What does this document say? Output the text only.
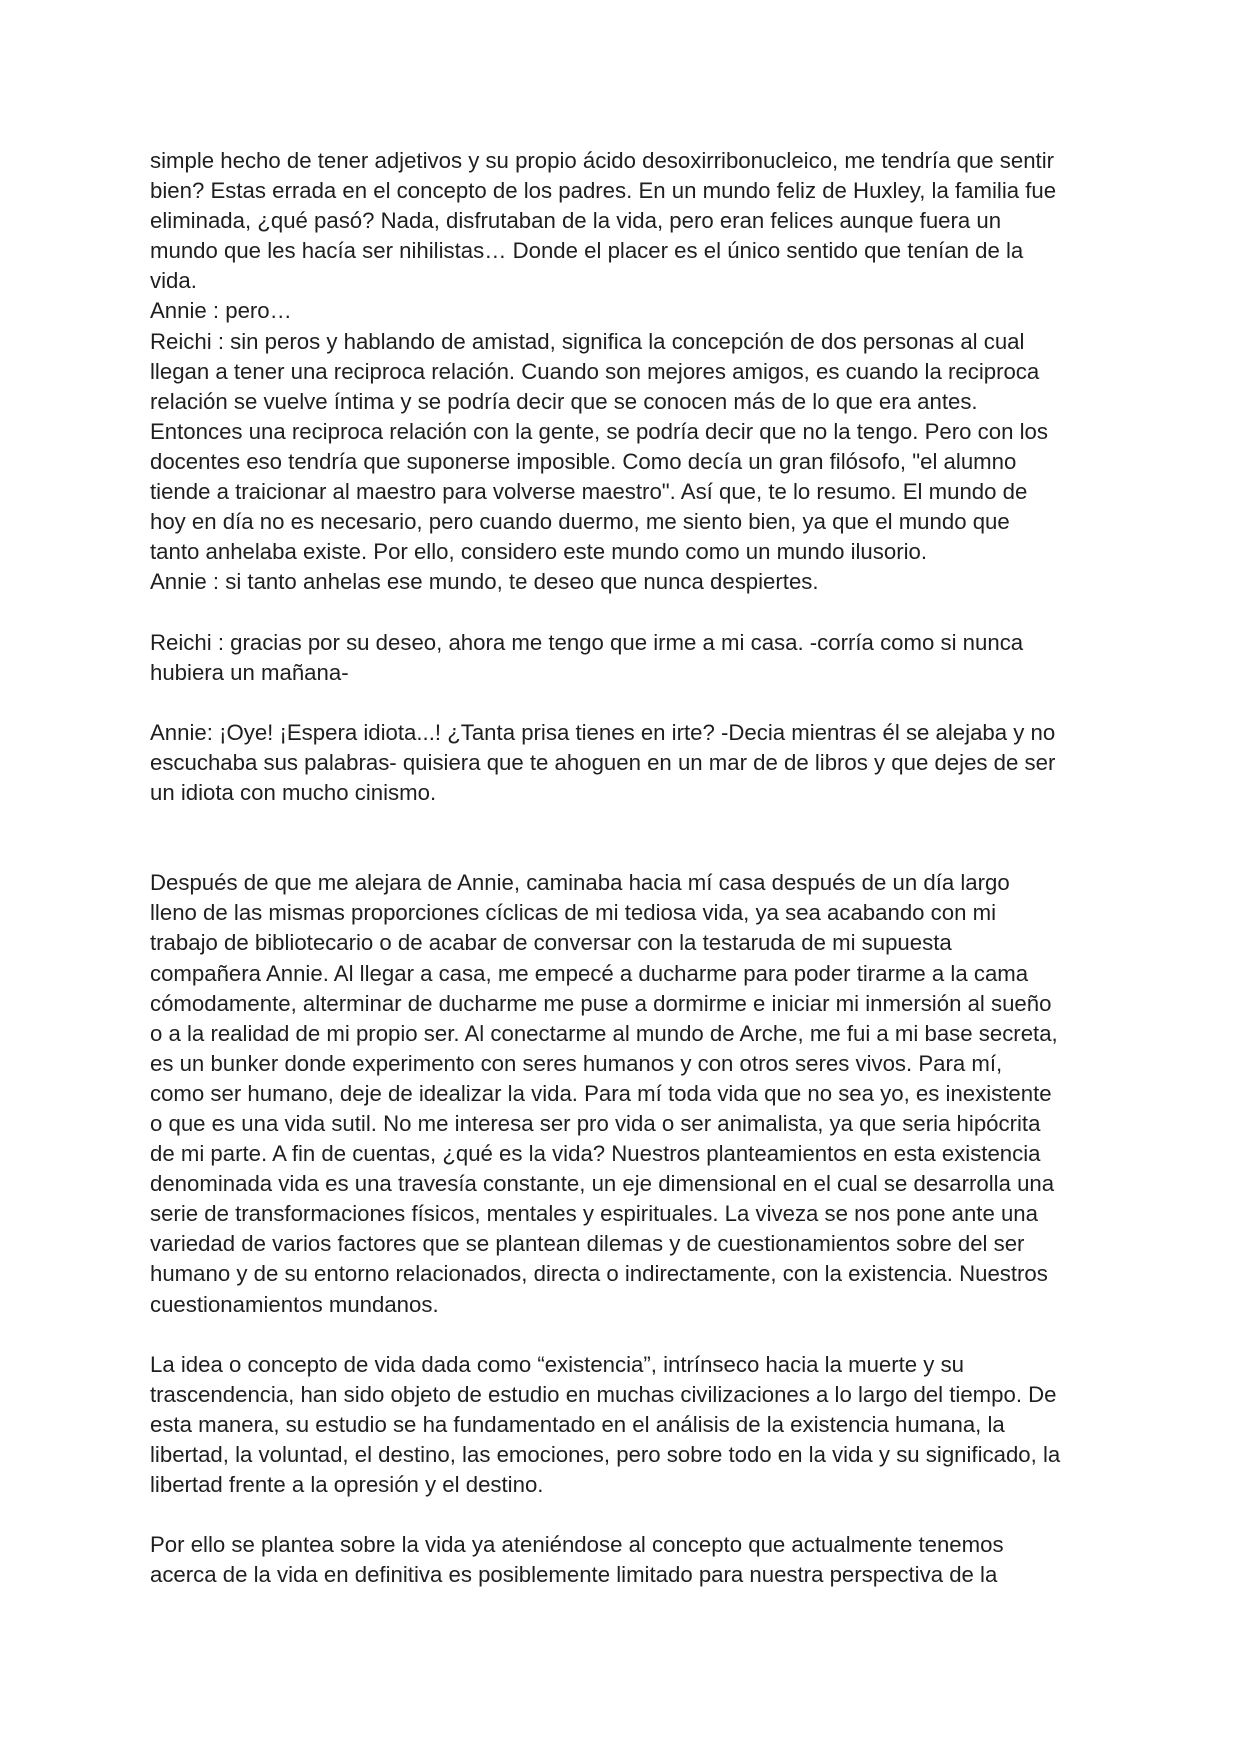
simple hecho de tener adjetivos y su propio ácido desoxirribonucleico, me tendría que sentir
bien? Estas errada en el concepto de los padres. En un mundo feliz de Huxley, la familia fue
eliminada, ¿qué pasó? Nada, disfrutaban de la vida, pero eran felices aunque fuera un
mundo que les hacía ser nihilistas… Donde el placer es el único sentido que tenían de la
vida.

Annie : pero…

Reichi : sin peros y hablando de amistad, significa la concepción de dos personas al cual
llegan a tener una reciproca relación. Cuando son mejores amigos, es cuando la reciproca
relación se vuelve íntima y se podría decir que se conocen más de lo que era antes.
Entonces una reciproca relación con la gente, se podría decir que no la tengo. Pero con los
docentes eso tendría que suponerse imposible. Como decía un gran filósofo, "el alumno
tiende a traicionar al maestro para volverse maestro". Así que, te lo resumo. El mundo de
hoy en día no es necesario, pero cuando duermo, me siento bien, ya que el mundo que
tanto anhelaba existe. Por ello, considero este mundo como un mundo ilusorio.

Annie : si tanto anhelas ese mundo, te deseo que nunca despiertes.

Reichi : gracias por su deseo, ahora me tengo que irme a mi casa. -corría como si nunca
hubiera un mañana-

Annie: ¡Oye! ¡Espera idiota...! ¿Tanta prisa tienes en irte? -Decia mientras él se alejaba y no
escuchaba sus palabras- quisiera que te ahoguen en un mar de de libros y que dejes de ser
un idiota con mucho cinismo.

Después de que me alejara de Annie, caminaba hacia mí casa después de un día largo
lleno de las mismas proporciones cíclicas de mi tediosa vida, ya sea acabando con mi
trabajo de bibliotecario o de acabar de conversar con la testaruda de mi supuesta
compañera Annie. Al llegar a casa, me empecé a ducharme para poder tirarme a la cama
cómodamente, alterminar de ducharme me puse a dormirme e iniciar mi inmersión al sueño
o a la realidad de mi propio ser. Al conectarme al mundo de Arche, me fui a mi base secreta,
es un bunker donde experimento con seres humanos y con otros seres vivos. Para mí,
como ser humano, deje de idealizar la vida. Para mí toda vida que no sea yo, es inexistente
o que es una vida sutil. No me interesa ser pro vida o ser animalista, ya que seria hipócrita
de mi parte. A fin de cuentas, ¿qué es la vida? Nuestros planteamientos en esta existencia
denominada vida es una travesía constante, un eje dimensional en el cual se desarrolla una
serie de transformaciones físicos, mentales y espirituales. La viveza se nos pone ante una
variedad de varios factores que se plantean dilemas y de cuestionamientos sobre del ser
humano y de su entorno relacionados, directa o indirectamente, con la existencia. Nuestros
cuestionamientos mundanos.

La idea o concepto de vida dada como “existencia”, intrínseco hacia la muerte y su
trascendencia, han sido objeto de estudio en muchas civilizaciones a lo largo del tiempo. De
esta manera, su estudio se ha fundamentado en el análisis de la existencia humana, la
libertad, la voluntad, el destino, las emociones, pero sobre todo en la vida y su significado, la
libertad frente a la opresión y el destino.

Por ello se plantea sobre la vida ya ateniéndose al concepto que actualmente tenemos
acerca de la vida en definitiva es posiblemente limitado para nuestra perspectiva de la
